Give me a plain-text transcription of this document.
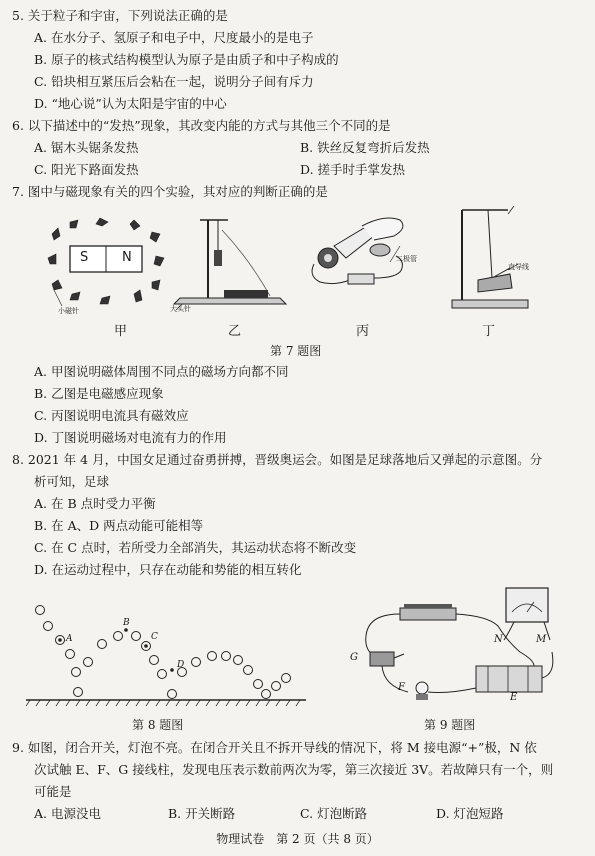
5. 关于粒子和宇宙，下列说法正确的是
A. 在水分子、氢原子和电子中，尺度最小的是电子
B. 原子的核式结构模型认为原子是由质子和中子构成的
C. 铅块相互紧压后会粘在一起，说明分子间有斥力
D. “地心说”认为太阳是宇宙的中心
6. 以下描述中的“发热”现象，其改变内能的方式与其他三个不同的是
A. 锯木头锯条发热	B. 铁丝反复弯折后发热
C. 阳光下路面发热	D. 搓手时手掌发热
7. 图中与磁现象有关的四个实验，其对应的判断正确的是
S	N
小磁针
甲
大头针
乙
二极管
丙
直导线
丁
第 7 题图
A. 甲图说明磁体周围不同点的磁场方向都不同
B. 乙图是电磁感应现象
C. 丙图说明电流具有磁效应
D. 丁图说明磁场对电流有力的作用
8. 2021 年 4 月，中国女足通过奋勇拼搏，晋级奥运会。如图是足球落地后又弹起的示意图。分
析可知，足球
A. 在 B 点时受力平衡
B. 在 A、D 两点动能可能相等
C. 在 C 点时，若所受力全部消失，其运动状态将不断改变
D. 在运动过程中，只存在动能和势能的相互转化
A
B
C
D
第 8 题图
G
N	M
F
E
第 9 题图
9. 如图，闭合开关，灯泡不亮。在闭合开关且不拆开导线的情况下，将 M 接电源“+”极，N 依
次试触 E、F、G 接线柱，发现电压表示数前两次为零，第三次接近 3V。若故障只有一个，则
可能是
A. 电源没电	B. 开关断路	C. 灯泡断路	D. 灯泡短路
物理试卷　第 2 页（共 8 页）
